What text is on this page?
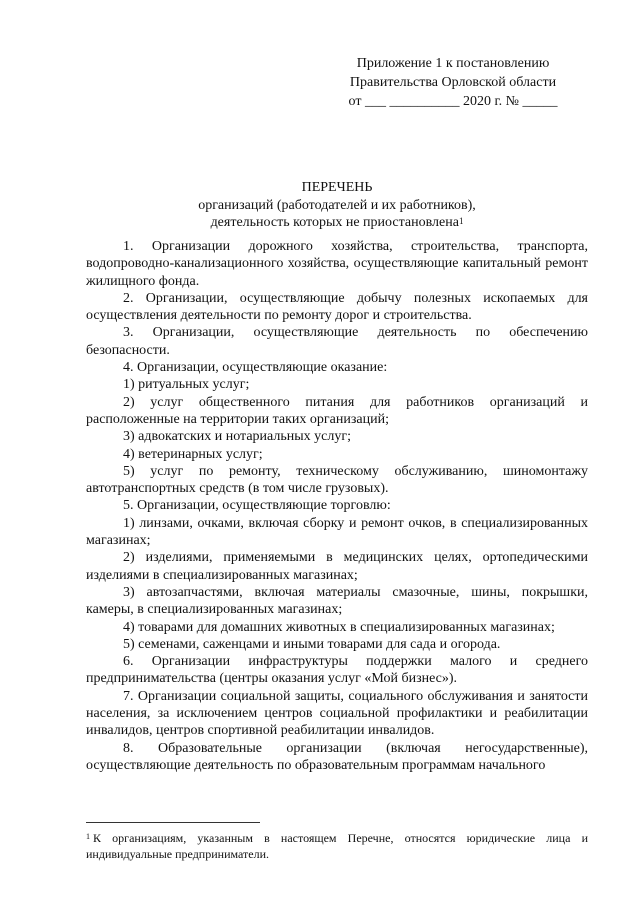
Приложение 1 к постановлению
Правительства Орловской области
от ___ __________ 2020 г. № _____
ПЕРЕЧЕНЬ
организаций (работодателей и их работников),
деятельность которых не приостановлена$^1$

1. Организации дорожного хозяйства, строительства, транспорта, водопроводно-канализационного хозяйства, осуществляющие капитальный ремонт жилищного фонда.

2. Организации, осуществляющие добычу полезных ископаемых для осуществления деятельности по ремонту дорог и строительства.

3. Организации, осуществляющие деятельность по обеспечению безопасности.

4. Организации, осуществляющие оказание:

1) ритуальных услуг;

2) услуг общественного питания для работников организаций и расположенные на территории таких организаций;

3) адвокатских и нотариальных услуг;

4) ветеринарных услуг;

5) услуг по ремонту, техническому обслуживанию, шиномонтажу автотранспортных средств (в том числе грузовых).

5. Организации, осуществляющие торговлю:

1) линзами, очками, включая сборку и ремонт очков, в специализированных магазинах;

2) изделиями, применяемыми в медицинских целях, ортопедическими изделиями в специализированных магазинах;

3) автозапчастями, включая материалы смазочные, шины, покрышки, камеры, в специализированных магазинах;

4) товарами для домашних животных в специализированных магазинах;

5) семенами, саженцами и иными товарами для сада и огорода.

6. Организации инфраструктуры поддержки малого и среднего предпринимательства (центры оказания услуг «Мой бизнес»).

7. Организации социальной защиты, социального обслуживания и занятости населения, за исключением центров социальной профилактики и реабилитации инвалидов, центров спортивной реабилитации инвалидов.

8. Образовательные организации (включая негосударственные), осуществляющие деятельность по образовательным программам начального

$^1$ К организациям, указанным в настоящем Перечне, относятся юридические лица и индивидуальные предприниматели.
